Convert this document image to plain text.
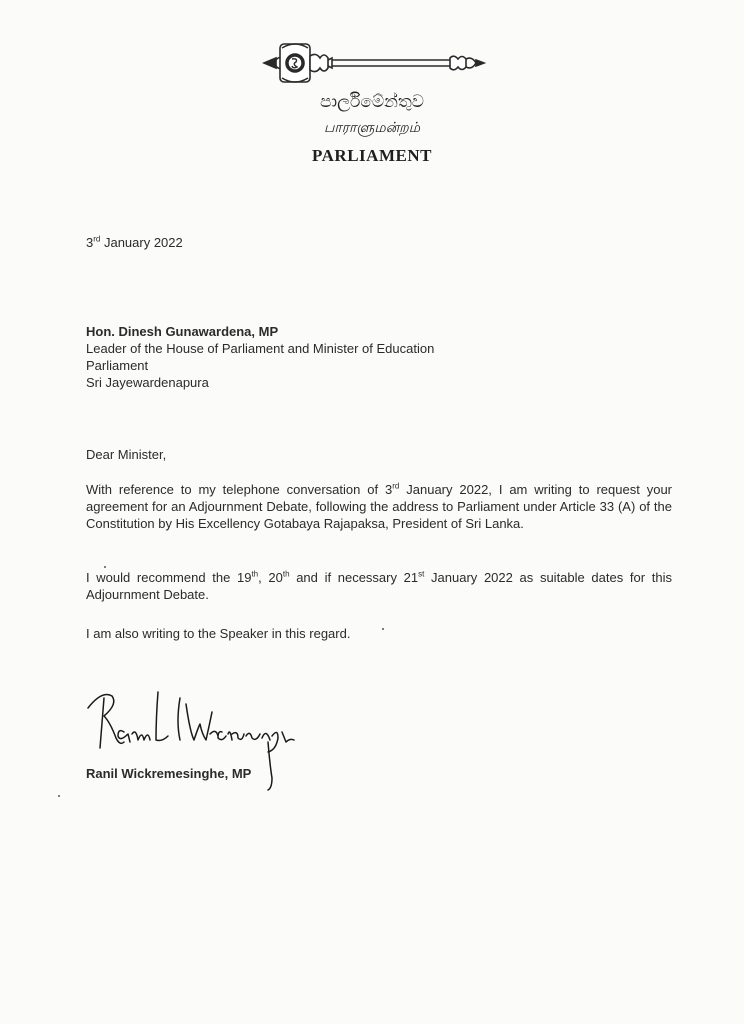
පාර්ලිමේන්තුව
பாராளுமன்றம்
PARLIAMENT
3rd January 2022
Hon. Dinesh Gunawardena, MP
Leader of the House of Parliament and Minister of Education
Parliament
Sri Jayewardenapura
Dear Minister,
With reference to my telephone conversation of 3rd January 2022, I am writing to request your agreement for an Adjournment Debate, following the address to Parliament under Article 33 (A) of the Constitution by His Excellency Gotabaya Rajapaksa, President of Sri Lanka.
I would recommend the 19th, 20th and if necessary 21st January 2022 as suitable dates for this Adjournment Debate.
I am also writing to the Speaker in this regard.
Ranil Wickremesinghe, MP
